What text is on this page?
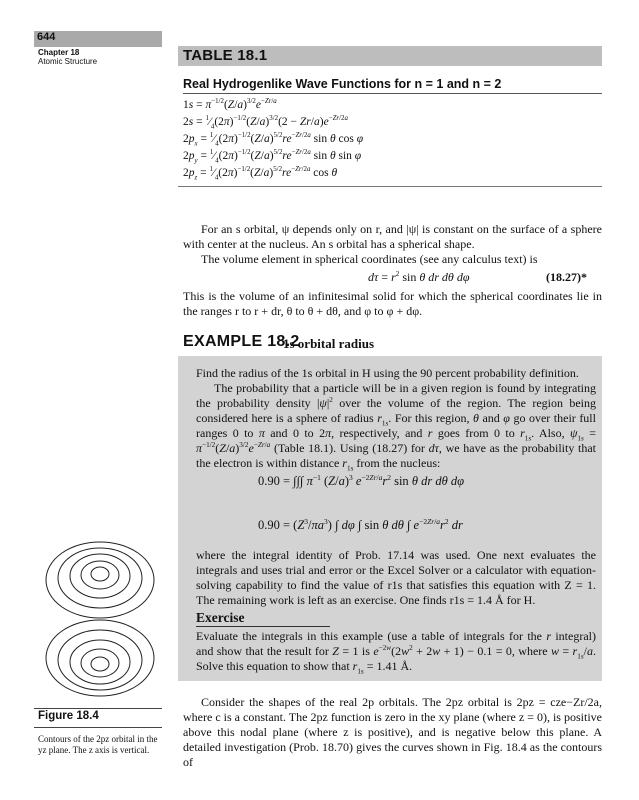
644
Chapter 18
Atomic Structure	TABLE 18.1
Real Hydrogenlike Wave Functions for n = 1 and n = 2
$1s = \pi^{-1/2}(Z/a)^{3/2}e^{-Zr/a}$
$2s = ^1⁄_4(2\pi)^{-1/2}(Z/a)^{3/2}(2 - Zr/a)e^{-Zr/2a}$
$2p_x$ = $^1⁄_4(2\pi)^{-1/2}(Z/a)^{5/2}re^{-Zr/2a}$ sin θ cos φ
$2p_y$ = $^1⁄_4(2\pi)^{-1/2}(Z/a)^{5/2}re^{-Zr/2a}$ sin θ sin φ
$2p_z$ = $^1⁄_4(2\pi)^{-1/2}(Z/a)^{5/2}re^{-Zr/2a}$ cos θ
For an s orbital, ψ depends only on r, and |ψ| is constant on the surface of a sphere with center at the nucleus. An s orbital has a spherical shape.
The volume element in spherical coordinates (see any calculus text) is
$d\tau = r^2$ sin θ dr dθ dφ	(18.27)*
This is the volume of an infinitesimal solid for which the spherical coordinates lie in the ranges r to r + dr, θ to θ + dθ, and φ to φ + dφ.
EXAMPLE 18.2
1s orbital radius
Find the radius of the 1s orbital in H using the 90 percent probability definition.
The probability that a particle will be in a given region is found by integrating the probability density $|\psi|^2$ over the volume of the region. The region being considered here is a sphere of radius $r_{1s}$. For this region, θ and φ go over their full ranges 0 to π and 0 to 2π, respectively, and r goes from 0 to $r_{1s}$. Also, $\psi_{1s} = \pi^{-1/2}(Z/a)^{3/2}e^{-Zr/a}$ (Table 18.1). Using (18.27) for dτ, we have as the probability that the electron is within distance $r_{1s}$ from the nucleus:
0.90 = ∫∫∫ $\pi^{-1}$ $(Z/a)^3$ $e^{-2Zr/a}r^2$ sin θ dr dθ dφ
$0.90 = (Z^3/\pi a^3)$ ∫ dφ ∫ sin θ dθ ∫ $e^{-2Zr/a}r^2$ dr
where the integral identity of Prob. 17.14 was used. One next evaluates the integrals and uses trial and error or the Excel Solver or a calculator with equation-solving capability to find the value of r1s that satisfies this equation with Z = 1. The remaining work is left as an exercise. One finds r1s = 1.4 Å for H.
Exercise
Evaluate the integrals in this example (use a table of integrals for the r integral) and show that the result for Z = 1 is $e^{-2w}(2w^2 + 2w + 1) - 0.1 = 0$, where $w = r_{1s}/a$. Solve this equation to show that $r_{1s} = 1.41$ Å.
Figure 18.4
Contours of the 2pz orbital in the yz plane. The z axis is vertical.
Consider the shapes of the real 2p orbitals. The 2pz orbital is 2pz = cze−Zr/2a, where c is a constant. The 2pz function is zero in the xy plane (where z = 0), is positive above this nodal plane (where z is positive), and is negative below this plane. A detailed investigation (Prob. 18.70) gives the curves shown in Fig. 18.4 as the contours of
